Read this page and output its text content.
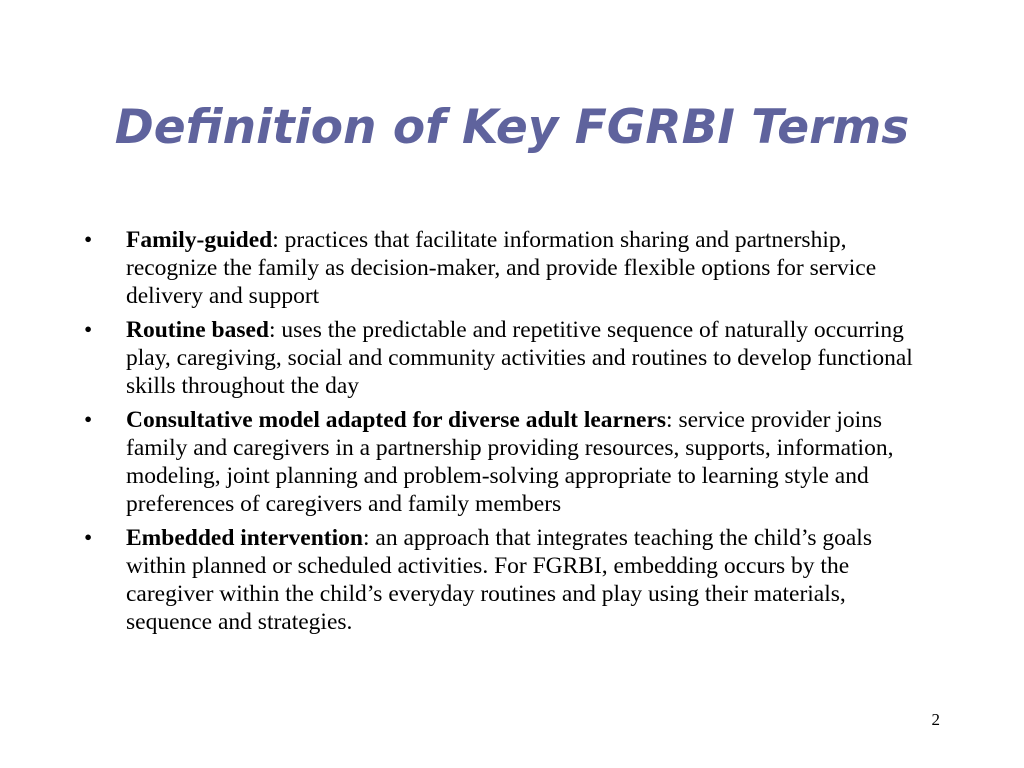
Definition of Key FGRBI Terms
•	Family-guided: practices that facilitate information sharing and partnership, recognize the family as decision-maker, and provide flexible options for service delivery and support
•	Routine based: uses the predictable and repetitive sequence of naturally occurring play, caregiving, social and community activities and routines to develop functional skills throughout the day
•	Consultative model adapted for diverse adult learners: service provider joins family and caregivers in a partnership providing resources, supports, information, modeling, joint planning and problem-solving appropriate to learning style and preferences of caregivers and family members
•	Embedded intervention: an approach that integrates teaching the child’s goals within planned or scheduled activities. For FGRBI, embedding occurs by the caregiver within the child’s everyday routines and play using their materials, sequence and strategies.
2
